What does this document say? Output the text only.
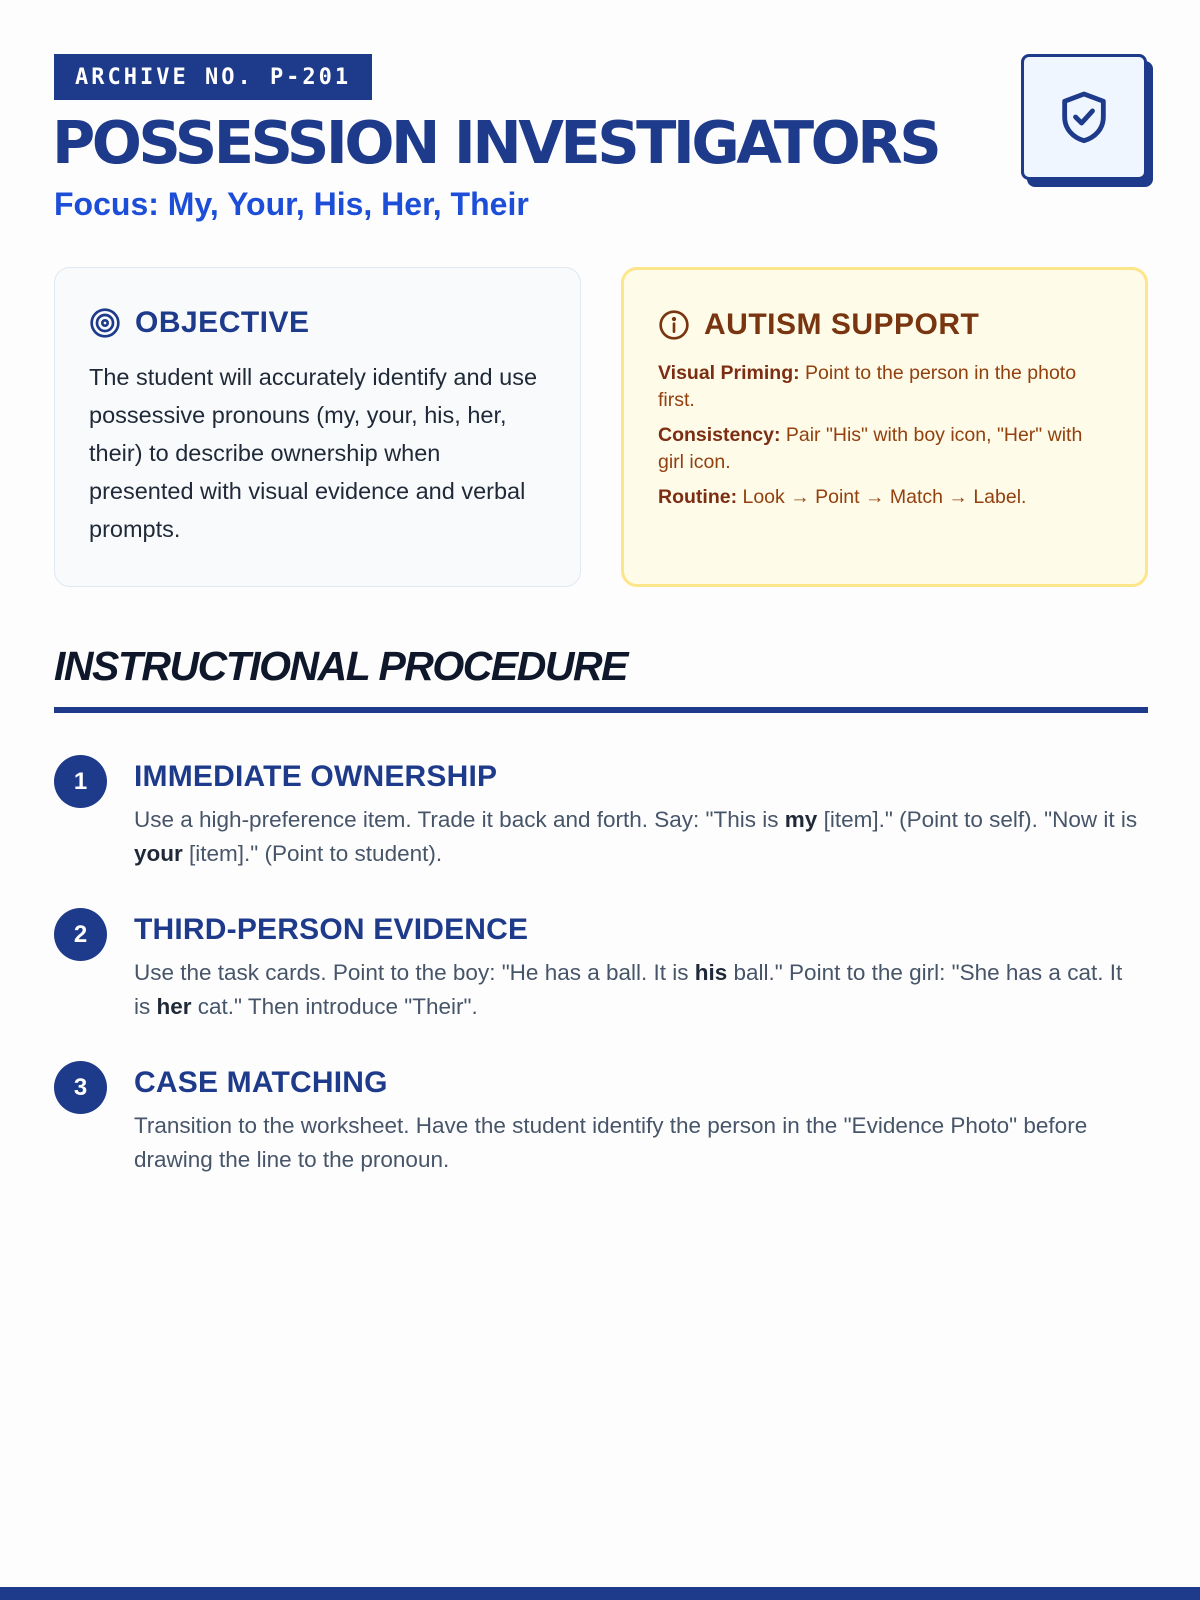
ARCHIVE NO. P-201
POSSESSION INVESTIGATORS
Focus: My, Your, His, Her, Their
OBJECTIVE

The student will accurately identify and use possessive pronouns (my, your, his, her, their) to describe ownership when presented with visual evidence and verbal prompts.

AUTISM SUPPORT

Visual Priming: Point to the person in the photo first.

Consistency: Pair "His" with boy icon, "Her" with girl icon.

Routine: Look → Point → Match → Label.

INSTRUCTIONAL PROCEDURE
1	IMMEDIATE OWNERSHIP

Use a high-preference item. Trade it back and forth. Say: "This is my [item]." (Point to self). "Now it is your [item]." (Point to student).

2	THIRD-PERSON EVIDENCE

Use the task cards. Point to the boy: "He has a ball. It is his ball." Point to the girl: "She has a cat. It is her cat." Then introduce "Their".

3	CASE MATCHING

Transition to the worksheet. Have the student identify the person in the "Evidence Photo" before drawing the line to the pronoun.
